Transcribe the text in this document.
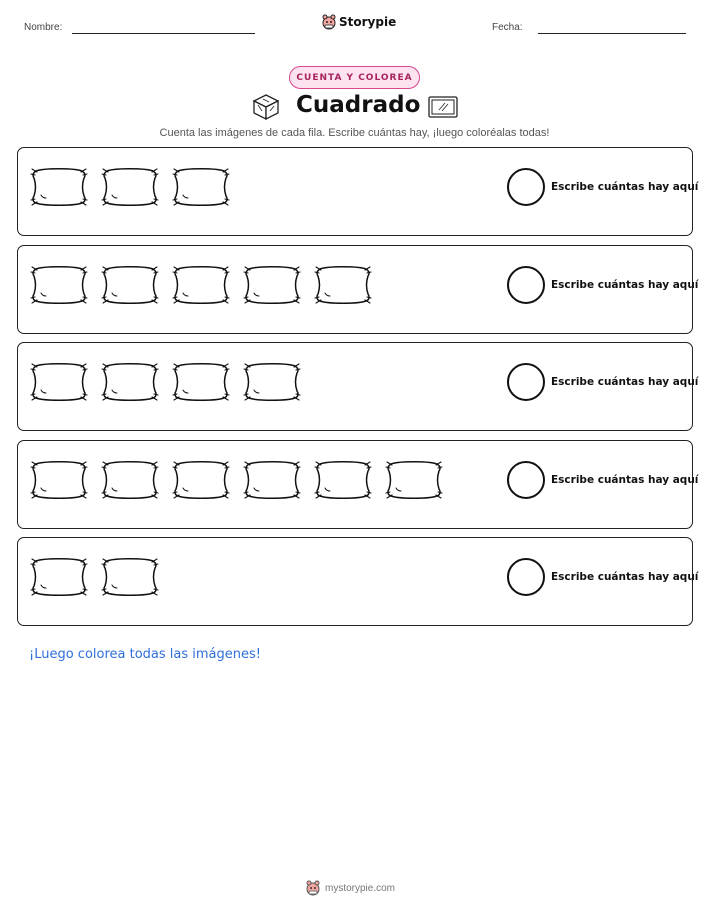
Nombre:	Storypie	Fecha:
CUENTA Y COLOREA
Cuadrado
Cuenta las imágenes de cada fila. Escribe cuántas hay, ¡luego coloréalas todas!
Escribe cuántas hay aquí
Escribe cuántas hay aquí
Escribe cuántas hay aquí
Escribe cuántas hay aquí
Escribe cuántas hay aquí
¡Luego colorea todas las imágenes!
mystorypie.com
